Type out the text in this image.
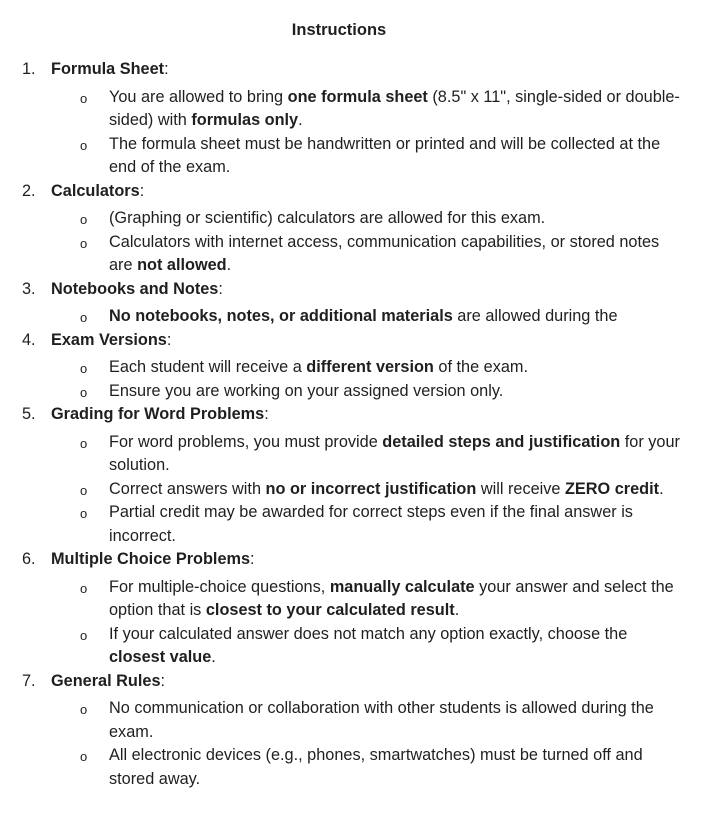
Instructions
1. Formula Sheet:
o You are allowed to bring one formula sheet (8.5" x 11", single-sided or double-sided) with formulas only.
o The formula sheet must be handwritten or printed and will be collected at the end of the exam.
2. Calculators:
o (Graphing or scientific) calculators are allowed for this exam.
o Calculators with internet access, communication capabilities, or stored notes are not allowed.
3. Notebooks and Notes:
o No notebooks, notes, or additional materials are allowed during the
4. Exam Versions:
o Each student will receive a different version of the exam.
o Ensure you are working on your assigned version only.
5. Grading for Word Problems:
o For word problems, you must provide detailed steps and justification for your solution.
o Correct answers with no or incorrect justification will receive ZERO credit.
o Partial credit may be awarded for correct steps even if the final answer is incorrect.
6. Multiple Choice Problems:
o For multiple-choice questions, manually calculate your answer and select the option that is closest to your calculated result.
o If your calculated answer does not match any option exactly, choose the closest value.
7. General Rules:
o No communication or collaboration with other students is allowed during the exam.
o All electronic devices (e.g., phones, smartwatches) must be turned off and stored away.
